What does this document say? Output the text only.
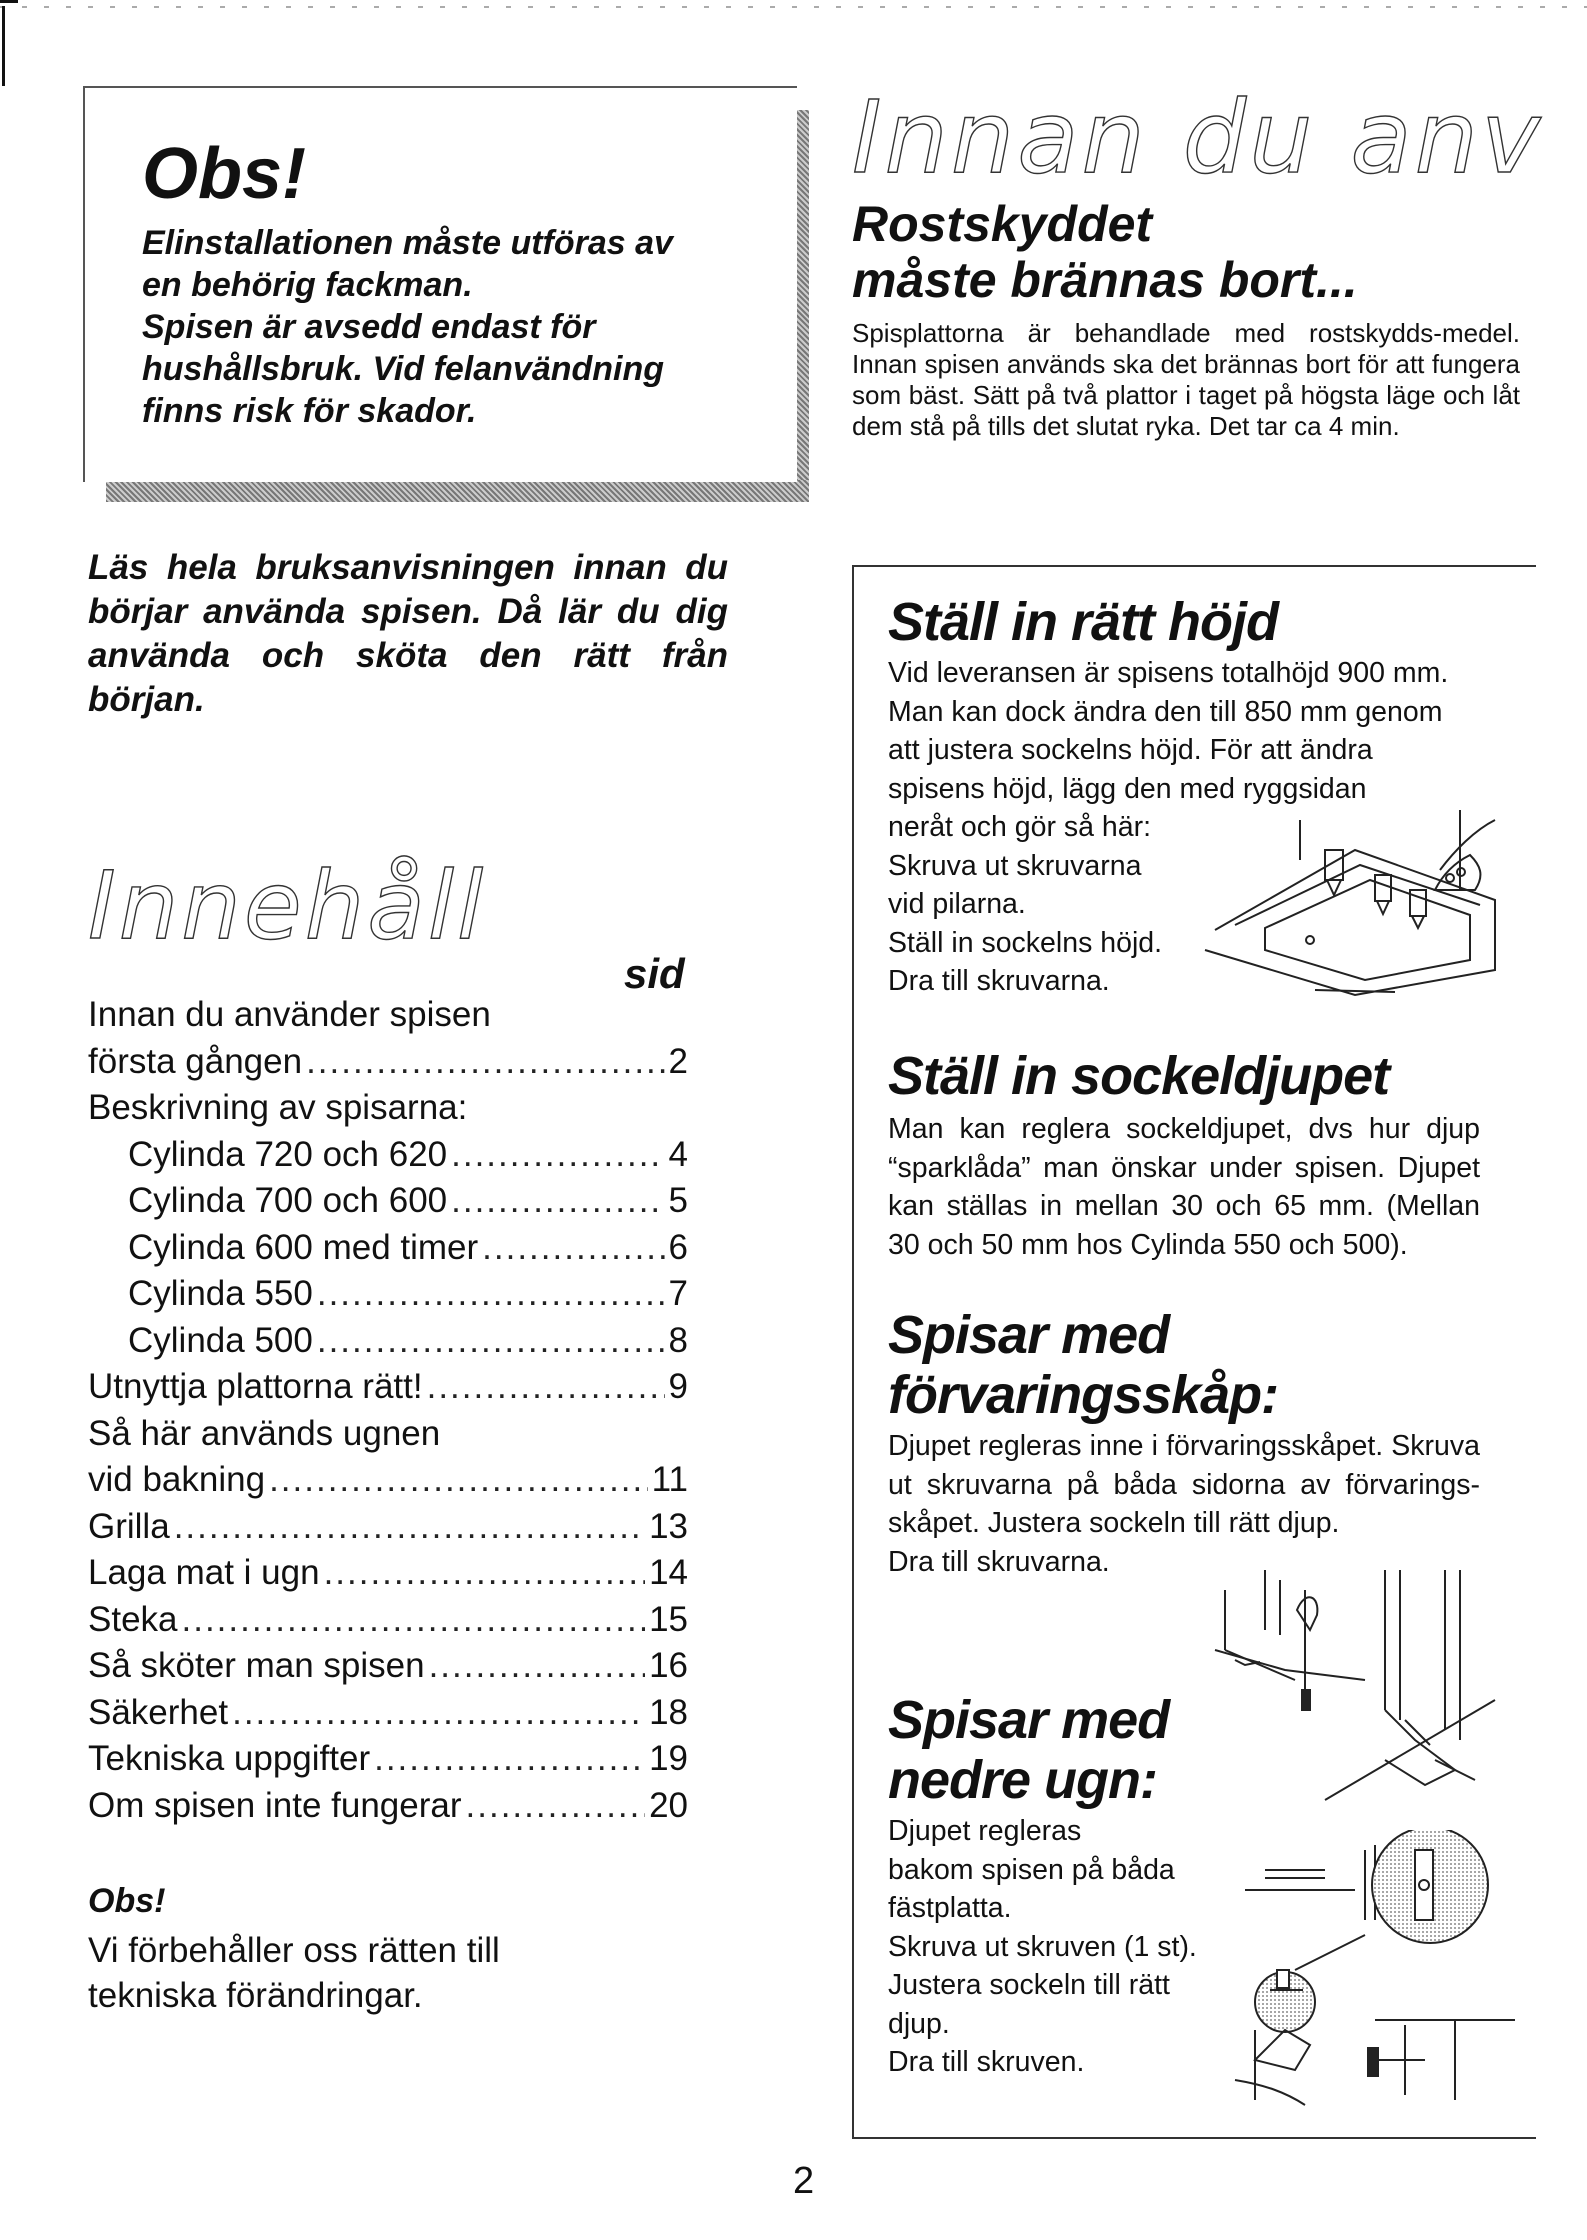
Obs!
Elinstallationen måste utföras av
en behörig fackman.
Spisen är avsedd endast för
hushållsbruk. Vid felanvändning
finns risk för skador.
Innan du anv
Rostskyddet
måste brännas bort...
Spisplattorna är behandlade med rostskydds-medel. Innan spisen används ska det brännas bort för att fungera som bäst. Sätt på två plattor i taget på högsta läge och låt dem stå på tills det slutat ryka. Det tar ca 4 min.
Läs hela bruksanvisningen innan du börjar använda spisen. Då lär du dig använda och sköta den rätt från början.
Innehåll
sid
Innan du använder spisen
första gången .....	2
Beskrivning av spisarna:
Cylinda 720 och 620 .....	4
Cylinda 700 och 600 .....	5
Cylinda 600 med timer .....	6
Cylinda 550 .....	7
Cylinda 500 .....	8
Utnyttja plattorna rätt! .....	9
Så här används ugnen
vid bakning .....	11
Grilla .....	13
Laga mat i ugn .....	14
Steka .....	15
Så sköter man spisen .....	16
Säkerhet .....	18
Tekniska uppgifter .....	19
Om spisen inte fungerar .....	20
Obs!
Vi förbehåller oss rätten till
tekniska förändringar.
2
Ställ in rätt höjd
Vid leveransen är spisens totalhöjd 900 mm.
Man kan dock ändra den till 850 mm genom
att justera sockelns höjd. För att ändra
spisens höjd, lägg den med ryggsidan
neråt och gör så här:
Skruva ut skruvarna
vid pilarna.
Ställ in sockelns höjd.
Dra till skruvarna.
Ställ in sockeldjupet
Man kan reglera sockeldjupet, dvs hur djup “sparklåda” man önskar under spisen. Djupet kan ställas in mellan 30 och 65 mm. (Mellan 30 och 50 mm hos Cylinda 550 och 500).
Spisar med
förvaringsskåp:
Djupet regleras inne i förvaringsskåpet. Skruva ut skruvarna på båda sidorna av förvarings-skåpet. Justera sockeln till rätt djup.
Dra till skruvarna.
Spisar med
nedre ugn:
Djupet regleras
bakom spisen på båda
fästplatta.
Skruva ut skruven (1 st).
Justera sockeln till rätt
djup.
Dra till skruven.
